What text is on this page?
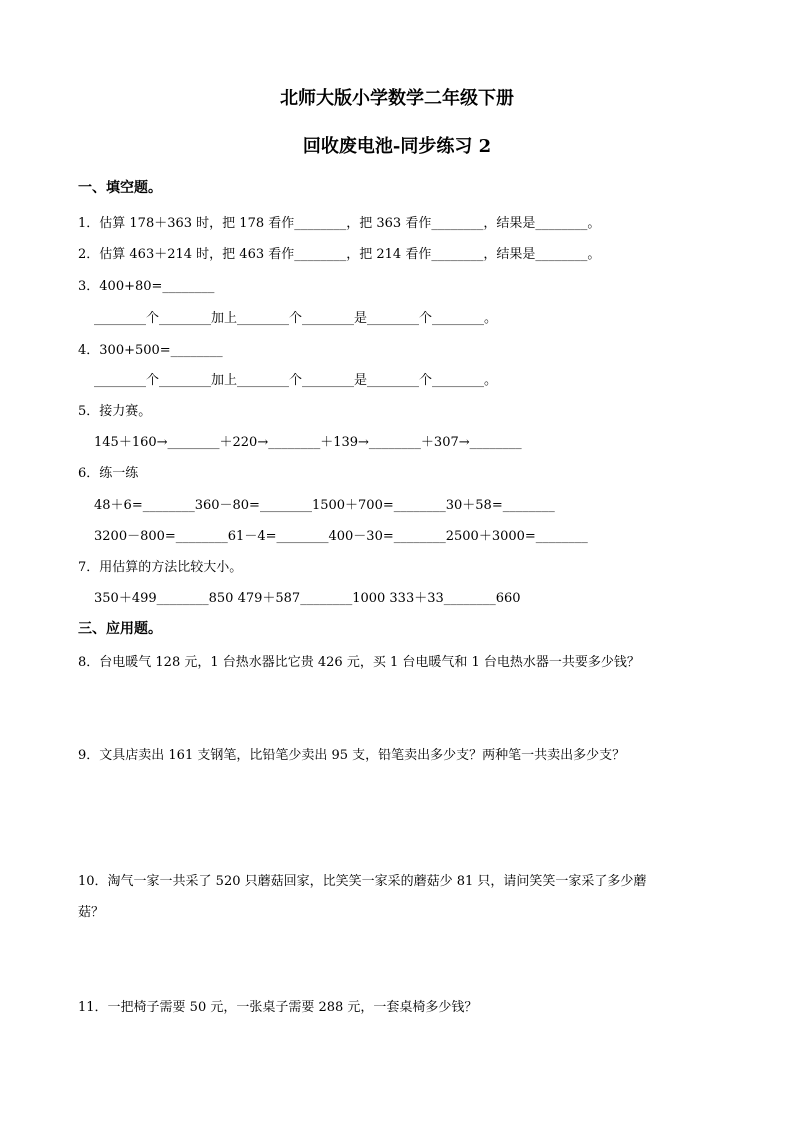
北师大版小学数学二年级下册
回收废电池-同步练习 2
一、填空题。
1．估算 178＋363 时，把 178 看作________，把 363 看作________，结果是________。
2．估算 463＋214 时，把 463 看作________，把 214 看作________，结果是________。
3．400+80=________
________个________加上________个________是________个________。
4．300+500=________
________个________加上________个________是________个________。
5．接力赛。
145＋160→________＋220→________＋139→________＋307→________
6．练一练
48＋6=________360－80=________1500＋700=________30＋58=________
3200－800=________61－4=________400－30=________2500＋3000=________
7．用估算的方法比较大小。
350＋499________850 479＋587________1000 333＋33________660
三、应用题。
8．台电暖气 128 元，1 台热水器比它贵 426 元，买 1 台电暖气和 1 台电热水器一共要多少钱？
9．文具店卖出 161 支钢笔，比铅笔少卖出 95 支，铅笔卖出多少支？两种笔一共卖出多少支？
10．淘气一家一共采了 520 只蘑菇回家，比笑笑一家采的蘑菇少 81 只，请问笑笑一家采了多少蘑
菇？
11．一把椅子需要 50 元，一张桌子需要 288 元，一套桌椅多少钱？
